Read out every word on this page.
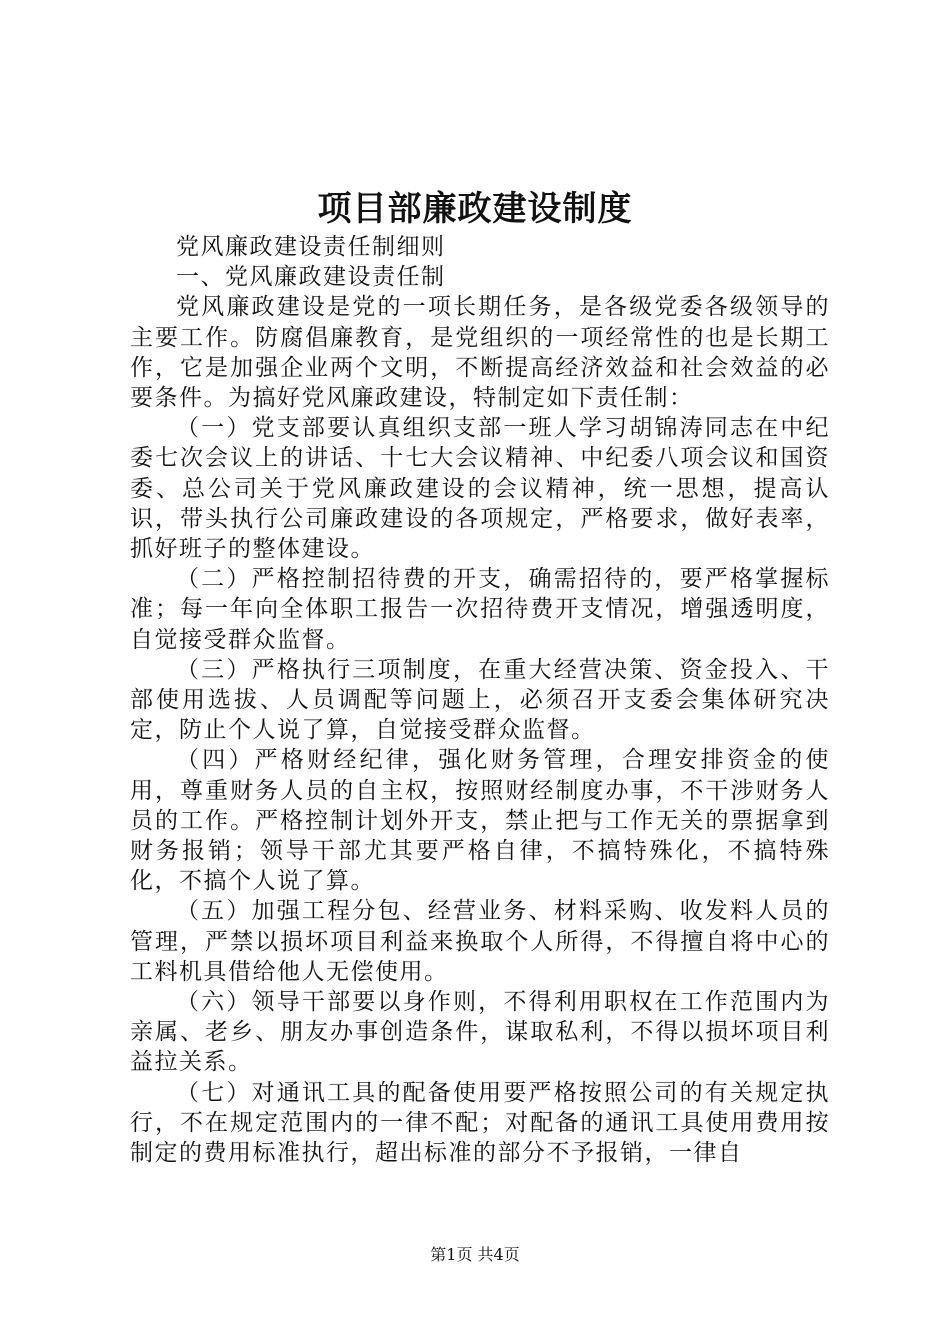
项目部廉政建设制度

党风廉政建设责任制细则

一、党风廉政建设责任制

党风廉政建设是党的一项长期任务，是各级党委各级领导的主要工作。防腐倡廉教育，是党组织的一项经常性的也是长期工作，它是加强企业两个文明，不断提高经济效益和社会效益的必要条件。为搞好党风廉政建设，特制定如下责任制：

（一）党支部要认真组织支部一班人学习胡锦涛同志在中纪委七次会议上的讲话、十七大会议精神、中纪委八项会议和国资委、总公司关于党风廉政建设的会议精神，统一思想，提高认识，带头执行公司廉政建设的各项规定，严格要求，做好表率，抓好班子的整体建设。

（二）严格控制招待费的开支，确需招待的，要严格掌握标准；每一年向全体职工报告一次招待费开支情况，增强透明度，自觉接受群众监督。

（三）严格执行三项制度，在重大经营决策、资金投入、干部使用选拔、人员调配等问题上，必须召开支委会集体研究决定，防止个人说了算，自觉接受群众监督。

（四）严格财经纪律，强化财务管理，合理安排资金的使用，尊重财务人员的自主权，按照财经制度办事，不干涉财务人员的工作。严格控制计划外开支，禁止把与工作无关的票据拿到财务报销；领导干部尤其要严格自律，不搞特殊化，不搞特殊化，不搞个人说了算。

（五）加强工程分包、经营业务、材料采购、收发料人员的管理，严禁以损坏项目利益来换取个人所得，不得擅自将中心的工料机具借给他人无偿使用。

（六）领导干部要以身作则，不得利用职权在工作范围内为亲属、老乡、朋友办事创造条件，谋取私利，不得以损坏项目利益拉关系。

（七）对通讯工具的配备使用要严格按照公司的有关规定执行，不在规定范围内的一律不配；对配备的通讯工具使用费用按制定的费用标准执行，超出标准的部分不予报销，一律自

第1页 共4页
